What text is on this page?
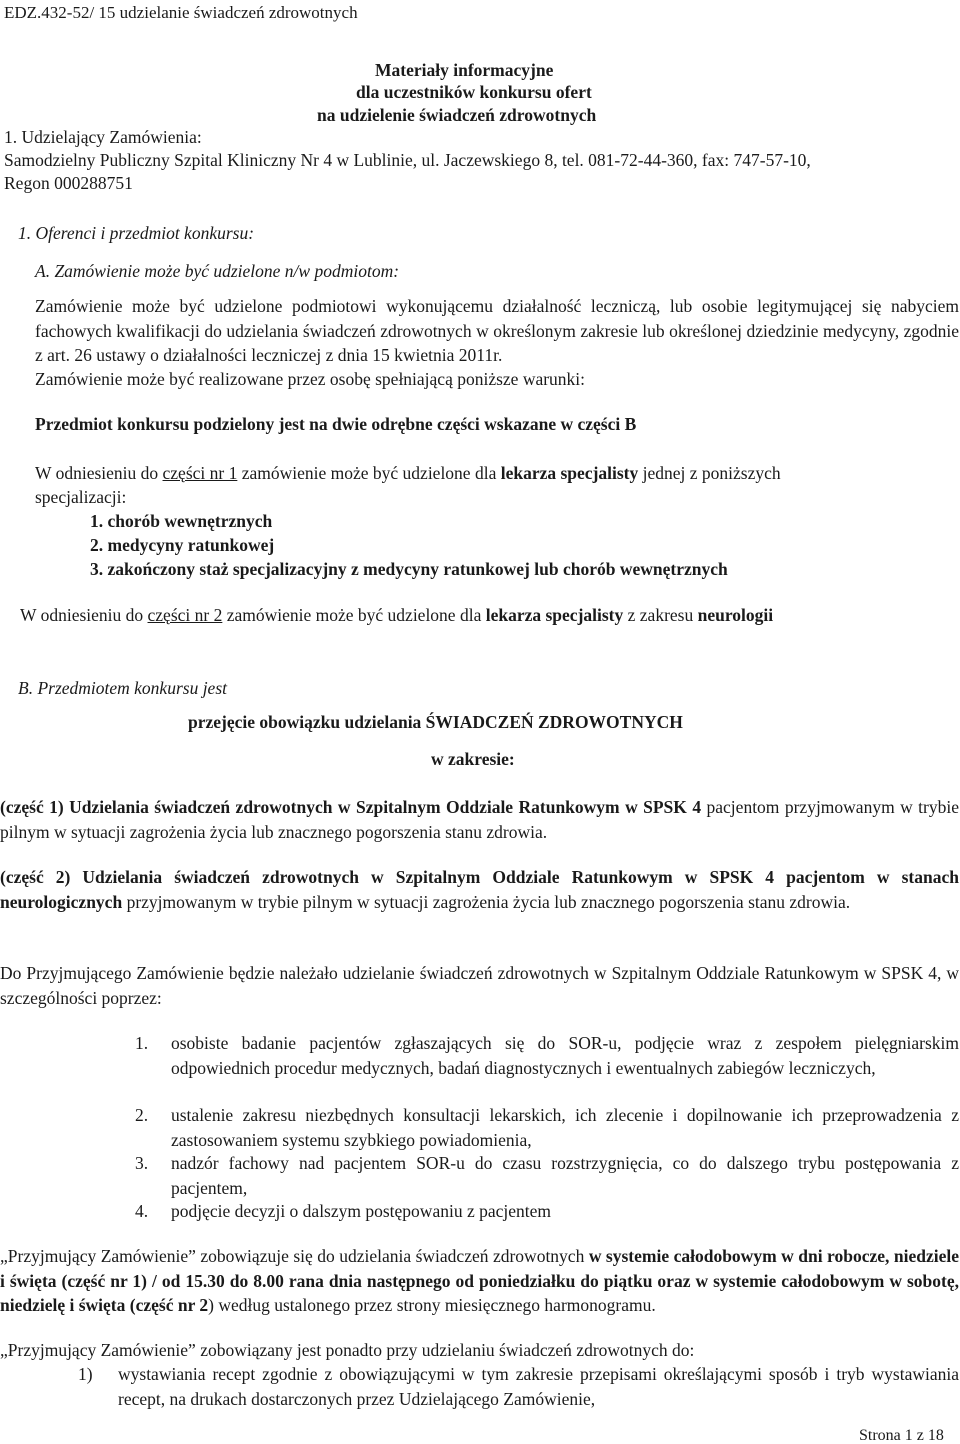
EDZ.432-52/ 15 udzielanie świadczeń zdrowotnych
Materiały informacyjne
dla uczestników konkursu ofert
na udzielenie świadczeń zdrowotnych
1. Udzielający Zamówienia:
Samodzielny Publiczny Szpital Kliniczny Nr 4 w Lublinie, ul. Jaczewskiego 8, tel. 081-72-44-360, fax: 747-57-10,
Regon 000288751
1. Oferenci i przedmiot konkursu:
A. Zamówienie może być udzielone n/w podmiotom:
Zamówienie może być udzielone podmiotowi wykonującemu działalność leczniczą, lub osobie legitymującej się nabyciem fachowych kwalifikacji do udzielania świadczeń zdrowotnych w określonym zakresie lub określonej dziedzinie medycyny, zgodnie z art. 26 ustawy o działalności leczniczej z dnia 15 kwietnia 2011r.
Zamówienie może być realizowane przez osobę spełniającą poniższe warunki:
Przedmiot konkursu podzielony jest na dwie odrębne części wskazane w części B
W odniesieniu do części nr 1 zamówienie może być udzielone dla lekarza specjalisty jednej z poniższych
specjalizacji:
1. chorób wewnętrznych
2. medycyny ratunkowej
3. zakończony staż specjalizacyjny z medycyny ratunkowej lub chorób wewnętrznych
W odniesieniu do części nr 2 zamówienie może być udzielone dla lekarza specjalisty z zakresu neurologii
B. Przedmiotem konkursu jest
przejęcie obowiązku udzielania ŚWIADCZEŃ ZDROWOTNYCH
w zakresie:
(część 1) Udzielania świadczeń zdrowotnych w Szpitalnym Oddziale Ratunkowym w SPSK 4 pacjentom przyjmowanym w trybie pilnym w sytuacji zagrożenia życia lub znacznego pogorszenia stanu zdrowia.
(część 2) Udzielania świadczeń zdrowotnych w Szpitalnym Oddziale Ratunkowym w SPSK 4 pacjentom w stanach neurologicznych przyjmowanym w trybie pilnym w sytuacji zagrożenia życia lub znacznego pogorszenia stanu zdrowia.
Do Przyjmującego Zamówienie będzie należało udzielanie świadczeń zdrowotnych w Szpitalnym Oddziale Ratunkowym w SPSK 4, w szczególności poprzez:
1. osobiste badanie pacjentów zgłaszających się do SOR-u, podjęcie wraz z zespołem pielęgniarskim odpowiednich procedur medycznych, badań diagnostycznych i ewentualnych zabiegów leczniczych,
2. ustalenie zakresu niezbędnych konsultacji lekarskich, ich zlecenie i dopilnowanie ich przeprowadzenia z zastosowaniem systemu szybkiego powiadomienia,
3. nadzór fachowy nad pacjentem SOR-u do czasu rozstrzygnięcia, co do dalszego trybu postępowania z pacjentem,
4. podjęcie decyzji o dalszym postępowaniu z pacjentem
„Przyjmujący Zamówienie” zobowiązuje się do udzielania świadczeń zdrowotnych w systemie całodobowym w dni robocze, niedziele i święta (część nr 1) / od 15.30 do 8.00 rana dnia następnego od poniedziałku do piątku oraz w systemie całodobowym w sobotę, niedzielę i święta (część nr 2) według ustalonego przez strony miesięcznego harmonogramu.
„Przyjmujący Zamówienie” zobowiązany jest ponadto przy udzielaniu świadczeń zdrowotnych do:
1) wystawiania recept zgodnie z obowiązującymi w tym zakresie przepisami określającymi sposób i tryb wystawiania recept, na drukach dostarczonych przez Udzielającego Zamówienie,
Strona 1 z 18
